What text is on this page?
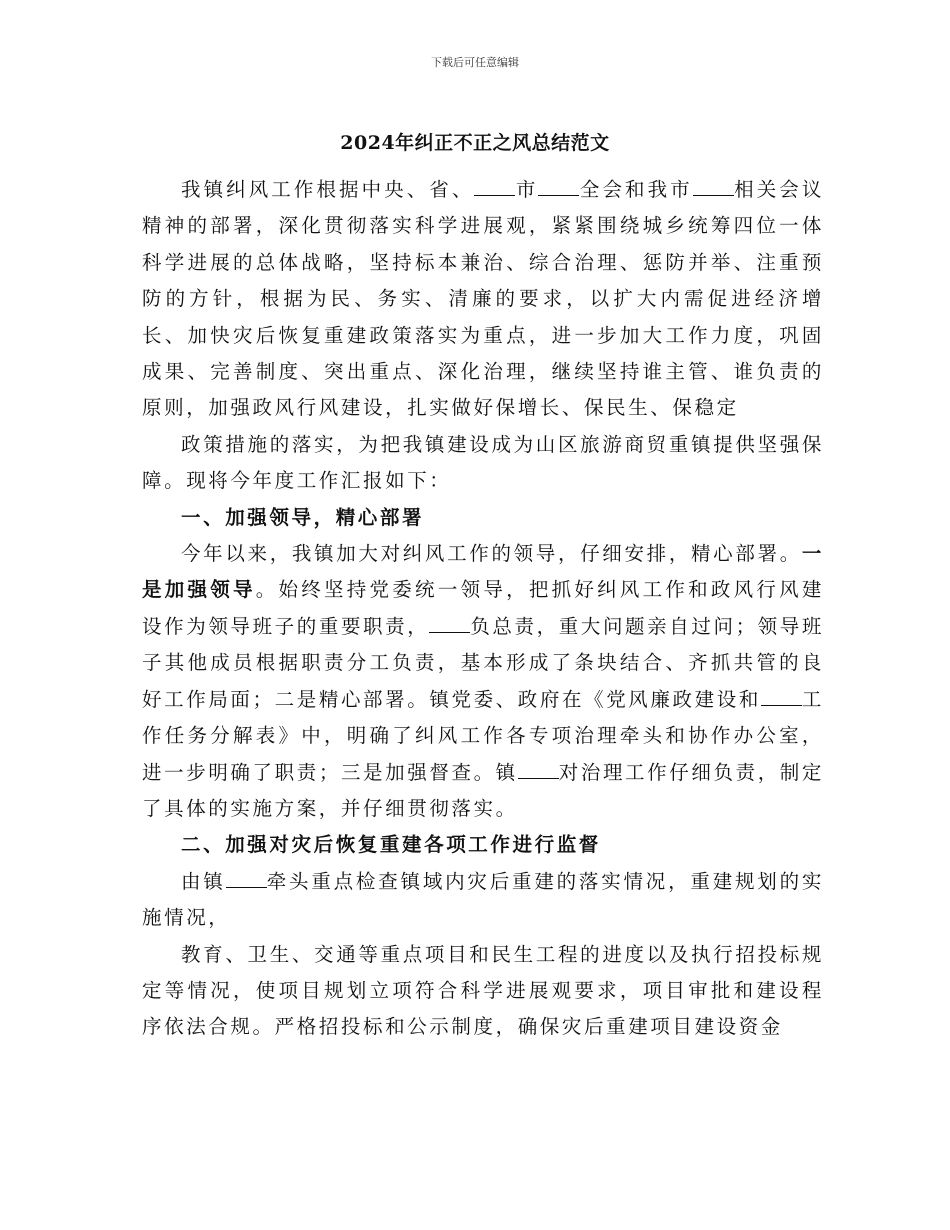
下载后可任意编辑
2024年纠正不正之风总结范文

我镇纠风工作根据中央、省、 市 全会和我市 相关会议精神的部署，深化贯彻落实科学进展观，紧紧围绕城乡统筹四位一体科学进展的总体战略，坚持标本兼治、综合治理、惩防并举、注重预防的方针，根据为民、务实、清廉的要求，以扩大内需促进经济增长、加快灾后恢复重建政策落实为重点，进一步加大工作力度，巩固成果、完善制度、突出重点、深化治理，继续坚持谁主管、谁负责的原则，加强政风行风建设，扎实做好保增长、保民生、保稳定

政策措施的落实，为把我镇建设成为山区旅游商贸重镇提供坚强保障。现将今年度工作汇报如下：

一、加强领导，精心部署

今年以来，我镇加大对纠风工作的领导，仔细安排，精心部署。一是加强领导。始终坚持党委统一领导，把抓好纠风工作和政风行风建设作为领导班子的重要职责， 负总责，重大问题亲自过问；领导班子其他成员根据职责分工负责，基本形成了条块结合、齐抓共管的良好工作局面；二是精心部署。镇党委、政府在《党风廉政建设和 工作任务分解表》中，明确了纠风工作各专项治理牵头和协作办公室，进一步明确了职责；三是加强督查。镇 对治理工作仔细负责，制定了具体的实施方案，并仔细贯彻落实。

二、加强对灾后恢复重建各项工作进行监督

由镇 牵头重点检查镇域内灾后重建的落实情况，重建规划的实施情况，

教育、卫生、交通等重点项目和民生工程的进度以及执行招投标规定等情况，使项目规划立项符合科学进展观要求，项目审批和建设程序依法合规。严格招投标和公示制度，确保灾后重建项目建设资金
